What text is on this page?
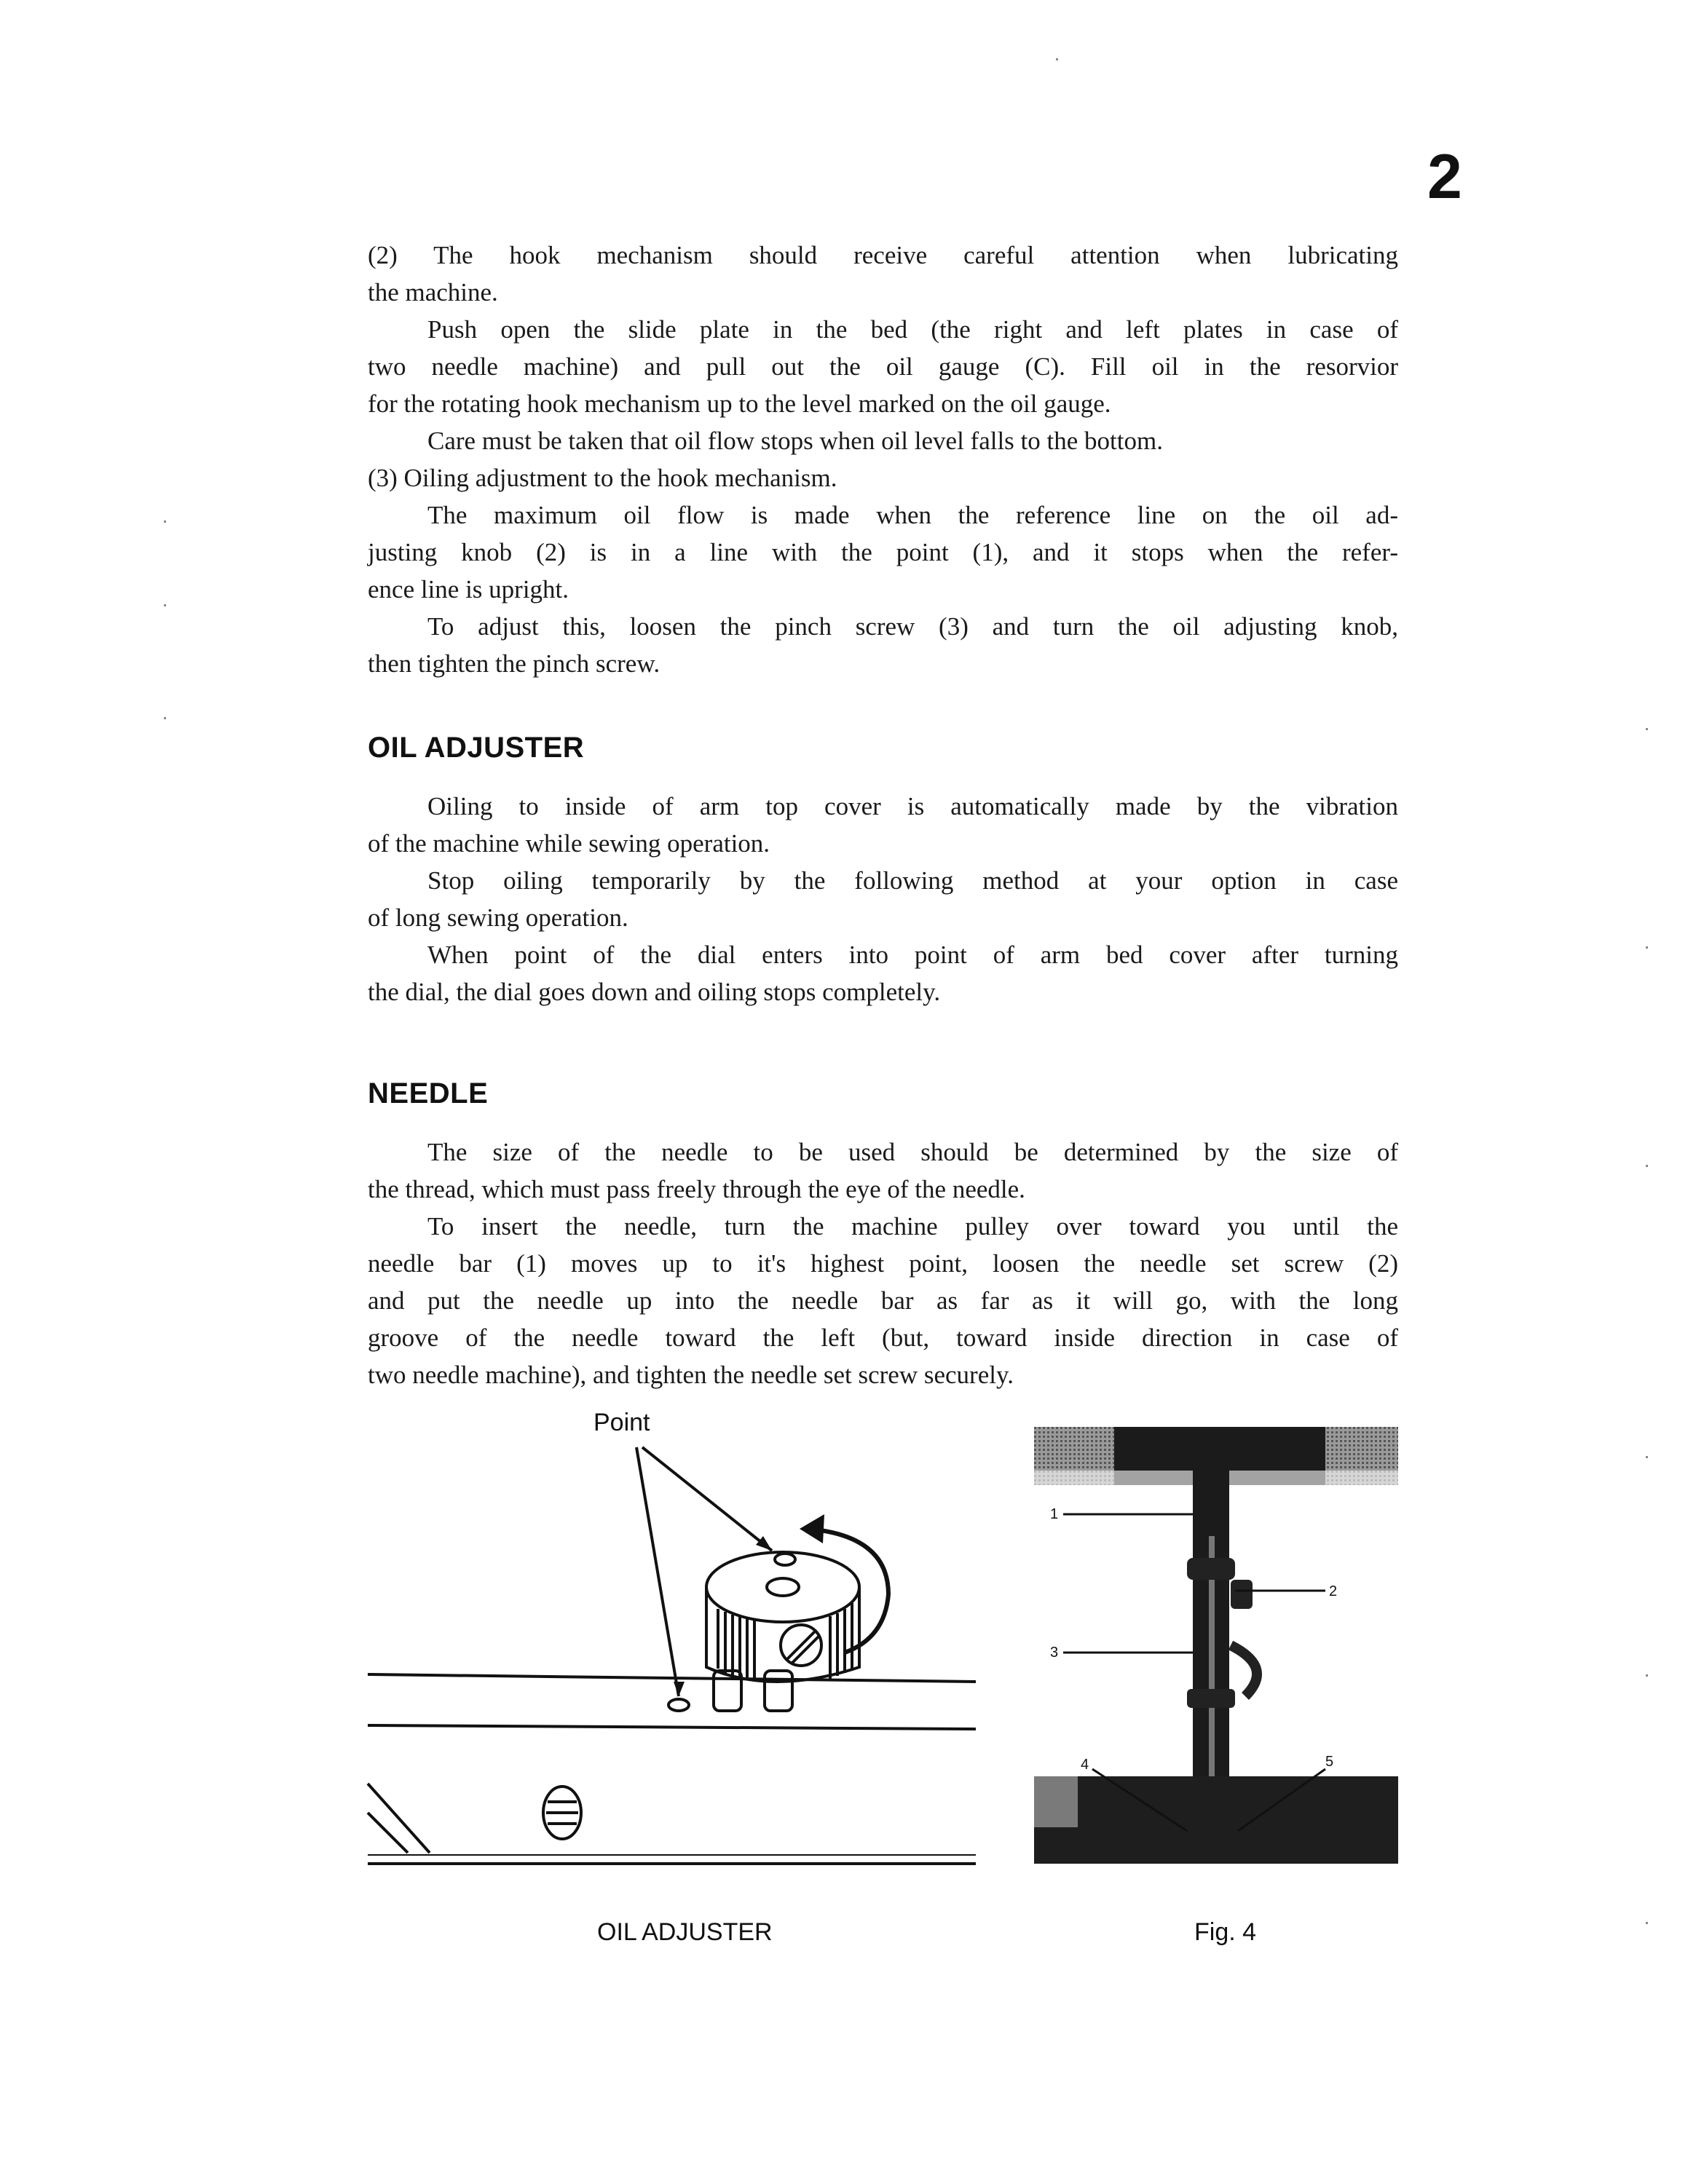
2

(2) The hook mechanism should receive careful attention when lubricating

the machine.

Push open the slide plate in the bed (the right and left plates in case of

two needle machine) and pull out the oil gauge (C). Fill oil in the resorvior

for the rotating hook mechanism up to the level marked on the oil gauge.

Care must be taken that oil flow stops when oil level falls to the bottom.

(3) Oiling adjustment to the hook mechanism.

The maximum oil flow is made when the reference line on the oil ad-

justing knob (2) is in a line with the point (1), and it stops when the refer-

ence line is upright.

To adjust this, loosen the pinch screw (3) and turn the oil adjusting knob,

then tighten the pinch screw.

OIL ADJUSTER

Oiling to inside of arm top cover is automatically made by the vibration

of the machine while sewing operation.

Stop oiling temporarily by the following method at your option in case

of long sewing operation.

When point of the dial enters into point of arm bed cover after turning

the dial, the dial goes down and oiling stops completely.

NEEDLE

The size of the needle to be used should be determined by the size of

the thread, which must pass freely through the eye of the needle.

To insert the needle, turn the machine pulley over toward you until the

needle bar (1) moves up to it's highest point, loosen the needle set screw (2)

and put the needle up into the needle bar as far as it will go, with the long

groove of the needle toward the left (but, toward inside direction in case of

two needle machine), and tighten the needle set screw securely.

Point
OIL ADJUSTER
1
2
3
4	5
Fig. 4
